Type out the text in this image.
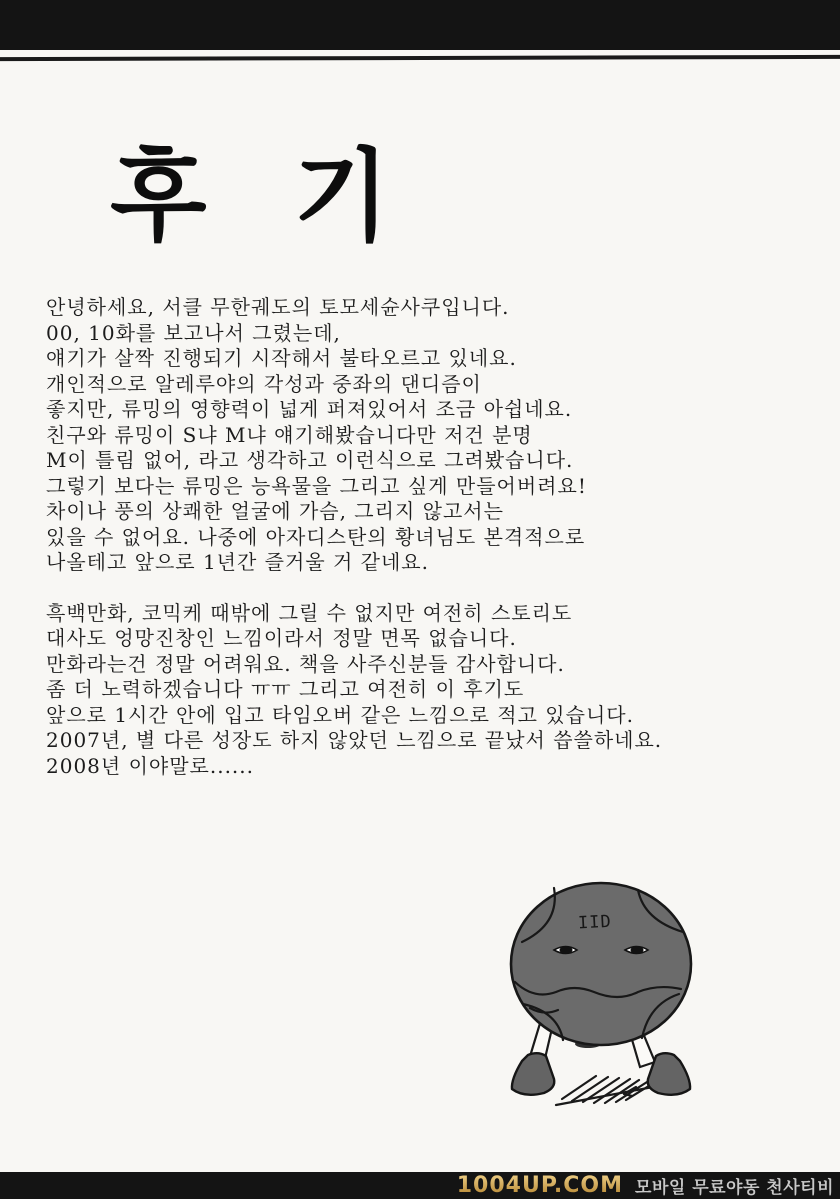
후 기
안녕하세요, 서클 무한궤도의 토모세슌사쿠입니다.
00, 10화를 보고나서 그렸는데,
얘기가 살짝 진행되기 시작해서 불타오르고 있네요.
개인적으로 알레루야의 각성과 중좌의 댄디즘이
좋지만, 류밍의 영향력이 넓게 퍼져있어서 조금 아쉽네요.
친구와 류밍이 S냐 M냐 얘기해봤습니다만 저건 분명
M이 틀림 없어, 라고 생각하고 이런식으로 그려봤습니다.
그렇기 보다는 류밍은 능욕물을 그리고 싶게 만들어버려요!
차이나 풍의 상쾌한 얼굴에 가슴, 그리지 않고서는
있을 수 없어요. 나중에 아자디스탄의 황녀님도 본격적으로
나올테고 앞으로 1년간 즐거울 거 같네요.
흑백만화, 코믹케 때밖에 그릴 수 없지만 여전히 스토리도
대사도 엉망진창인 느낌이라서 정말 면목 없습니다.
만화라는건 정말 어려워요. 책을 사주신분들 감사합니다.
좀 더 노력하겠습니다 ㅠㅠ 그리고 여전히 이 후기도
앞으로 1시간 안에 입고 타임오버 같은 느낌으로 적고 있습니다.
2007년, 별 다른 성장도 하지 않았던 느낌으로 끝났서 씁쓸하네요.
2008년 이야말로......
IID
1004UP.COM 모바일 무료야동 천사티비
